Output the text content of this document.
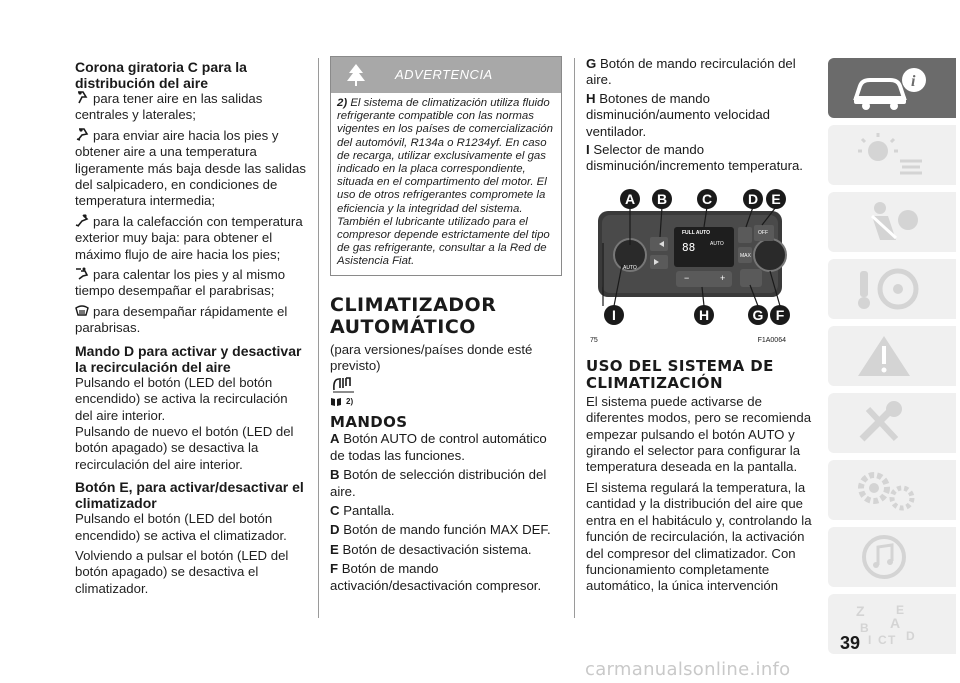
Corona giratoria C para la distribución del aire
para tener aire en las salidas centrales y laterales;
para enviar aire hacia los pies y obtener aire a una temperatura ligeramente más baja desde las salidas del salpicadero, en condiciones de temperatura intermedia;
para la calefacción con temperatura exterior muy baja: para obtener el máximo flujo de aire hacia los pies;
para calentar los pies y al mismo tiempo desempañar el parabrisas;
para desempañar rápidamente el parabrisas.
Mando D para activar y desactivar la recirculación del aire
Pulsando el botón (LED del botón encendido) se activa la recirculación del aire interior.
Pulsando de nuevo el botón (LED del botón apagado) se desactiva la recirculación del aire interior.
Botón E, para activar/desactivar el climatizador
Pulsando el botón (LED del botón encendido) se activa el climatizador.
Volviendo a pulsar el botón (LED del botón apagado) se desactiva el climatizador.
ADVERTENCIA
2) El sistema de climatización utiliza fluido refrigerante compatible con las normas vigentes en los países de comercialización del automóvil, R134a o R1234yf. En caso de recarga, utilizar exclusivamente el gas indicado en la placa correspondiente, situada en el compartimento del motor. El uso de otros refrigerantes compromete la eficiencia y la integridad del sistema. También el lubricante utilizado para el compresor depende estrictamente del tipo de gas refrigerante, consultar a la Red de Asistencia Fiat.
CLIMATIZADOR AUTOMÁTICO
(para versiones/países donde esté previsto)
2)
MANDOS
A Botón AUTO de control automático de todas las funciones.
B Botón de selección distribución del aire.
C Pantalla.
D Botón de mando función MAX DEF.
E Botón de desactivación sistema.
F Botón de mando activación/desactivación compresor.
G Botón de mando recirculación del aire.
H Botones de mando disminución/aumento velocidad ventilador.
I Selector de mando disminución/incremento temperatura.
FULL AUTO
88	AUTO
AUTO
OFF
MAX
−	+
A	B	C	D E
I	H	G F
75	F1A0064
USO DEL SISTEMA DE CLIMATIZACIÓN
El sistema puede activarse de diferentes modos, pero se recomienda empezar pulsando el botón AUTO y girando el selector para configurar la temperatura deseada en la pantalla.
El sistema regulará la temperatura, la cantidad y la distribución del aire que entra en el habitáculo y, controlando la función de recirculación, la activación del compresor del climatizador. Con funcionamiento completamente automático, la única intervención
i
Z	E
A
B
I C T D
39
carmanualsonline.info
